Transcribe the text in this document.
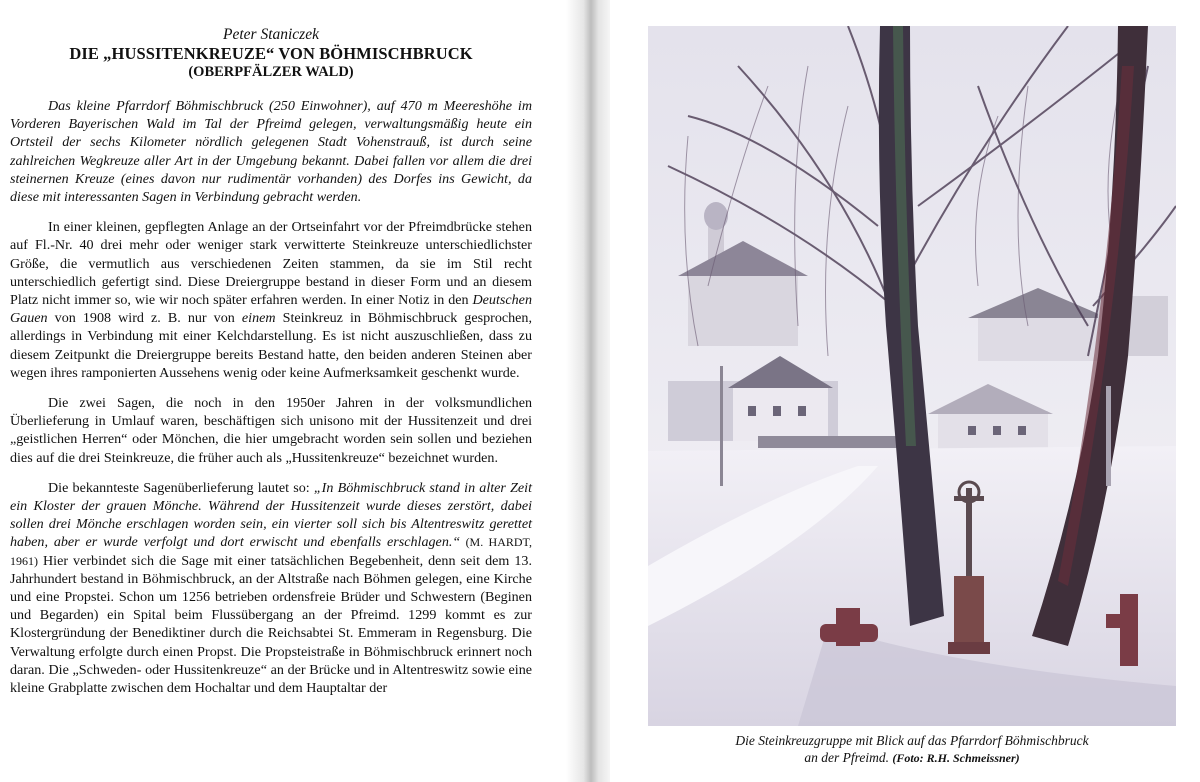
Peter Staniczek
DIE „HUSSITENKREUZE“ VON BÖHMISCHBRUCK
(OBERPFÄLZER WALD)

Das kleine Pfarrdorf Böhmischbruck (250 Einwohner), auf 470 m Meereshöhe im Vorderen Bayerischen Wald im Tal der Pfreimd gelegen, verwaltungsmäßig heute ein Ortsteil der sechs Kilometer nördlich gelegenen Stadt Vohenstrauß, ist durch seine zahlreichen Wegkreuze aller Art in der Umgebung bekannt. Dabei fallen vor allem die drei steinernen Kreuze (eines davon nur rudimentär vorhanden) des Dorfes ins Gewicht, da diese mit interessanten Sagen in Verbindung gebracht werden.

In einer kleinen, gepflegten Anlage an der Ortseinfahrt vor der Pfreimdbrücke stehen auf Fl.-Nr. 40 drei mehr oder weniger stark verwitterte Steinkreuze unterschiedlichster Größe, die vermutlich aus verschiedenen Zeiten stammen, da sie im Stil recht unterschiedlich gefertigt sind. Diese Dreiergruppe bestand in dieser Form und an diesem Platz nicht immer so, wie wir noch später erfahren werden. In einer Notiz in den Deutschen Gauen von 1908 wird z. B. nur von einem Steinkreuz in Böhmischbruck gesprochen, allerdings in Verbindung mit einer Kelchdarstellung. Es ist nicht auszuschließen, dass zu diesem Zeitpunkt die Dreiergruppe bereits Bestand hatte, den beiden anderen Steinen aber wegen ihres ramponierten Aussehens wenig oder keine Aufmerksamkeit geschenkt wurde.

Die zwei Sagen, die noch in den 1950er Jahren in der volksmundlichen Überlieferung in Umlauf waren, beschäftigen sich unisono mit der Hussitenzeit und drei „geistlichen Herren“ oder Mönchen, die hier umgebracht worden sein sollen und beziehen dies auf die drei Steinkreuze, die früher auch als „Hussitenkreuze“ bezeichnet wurden.

Die bekannteste Sagenüberlieferung lautet so: „In Böhmischbruck stand in alter Zeit ein Kloster der grauen Mönche. Während der Hussitenzeit wurde dieses zerstört, dabei sollen drei Mönche erschlagen worden sein, ein vierter soll sich bis Altentreswitz gerettet haben, aber er wurde verfolgt und dort erwischt und ebenfalls erschlagen.“ (M. HARDT, 1961) Hier verbindet sich die Sage mit einer tatsächlichen Begebenheit, denn seit dem 13. Jahrhundert bestand in Böhmischbruck, an der Altstraße nach Böhmen gelegen, eine Kirche und eine Propstei. Schon um 1256 betrieben ordensfreie Brüder und Schwestern (Beginen und Begarden) ein Spital beim Flussübergang an der Pfreimd. 1299 kommt es zur Klostergründung der Benediktiner durch die Reichsabtei St. Emmeram in Regensburg. Die Verwaltung erfolgte durch einen Propst. Die Propsteistraße in Böhmischbruck erinnert noch daran. Die „Schweden- oder Hussitenkreuze“ an der Brücke und in Altentreswitz sowie eine kleine Grabplatte zwischen dem Hochaltar und dem Hauptaltar der

Die Steinkreuzgruppe mit Blick auf das Pfarrdorf Böhmischbruck
an der Pfreimd. (Foto: R.H. Schmeissner)
